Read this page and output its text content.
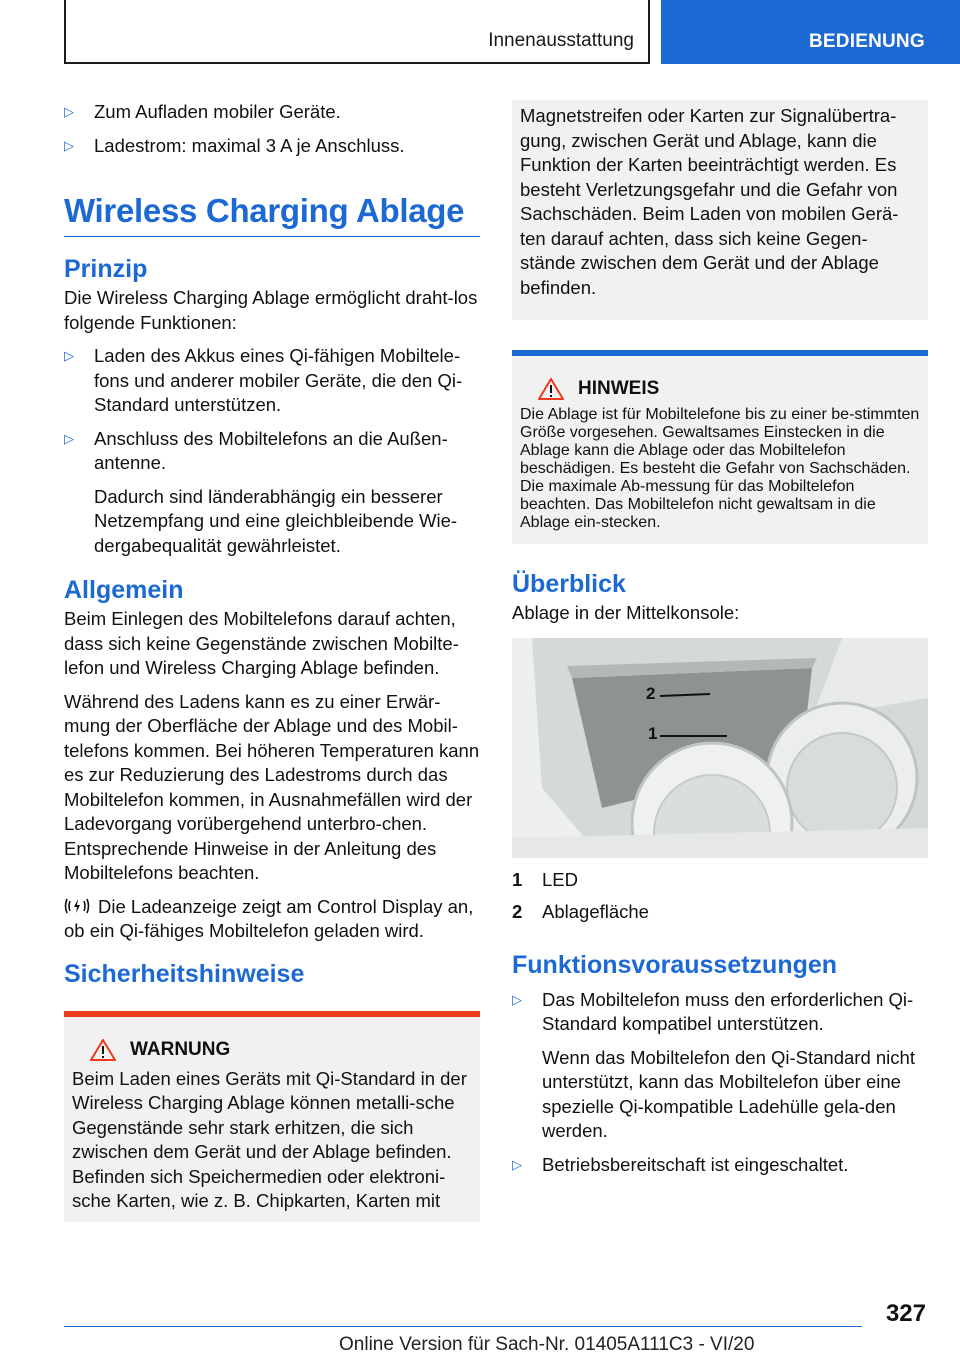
Innenausstattung	BEDIENUNG
▷ Zum Aufladen mobiler Geräte.
▷ Ladestrom: maximal 3 A je Anschluss.
Wireless Charging Ablage
Prinzip

Die Wireless Charging Ablage ermöglicht draht-los folgende Funktionen:

▷ Laden des Akkus eines Qi-fähigen Mobiltele-fons und anderer mobiler Geräte, die den Qi-Standard unterstützen.
▷ Anschluss des Mobiltelefons an die Außen-antenne.

Dadurch sind länderabhängig ein besserer Netzempfang und eine gleichbleibende Wie-dergabequalität gewährleistet.

Allgemein

Beim Einlegen des Mobiltelefons darauf achten, dass sich keine Gegenstände zwischen Mobilte-lefon und Wireless Charging Ablage befinden.

Während des Ladens kann es zu einer Erwär-mung der Oberfläche der Ablage und des Mobil-telefons kommen. Bei höheren Temperaturen kann es zur Reduzierung des Ladestroms durch das Mobiltelefon kommen, in Ausnahmefällen wird der Ladevorgang vorübergehend unterbro-chen. Entsprechende Hinweise in der Anleitung des Mobiltelefons beachten.

Die Ladeanzeige zeigt am Control Display an, ob ein Qi-fähiges Mobiltelefon geladen wird.

Sicherheitshinweise
WARNUNG

Beim Laden eines Geräts mit Qi-Standard in der Wireless Charging Ablage können metalli-sche Gegenstände sehr stark erhitzen, die sich zwischen dem Gerät und der Ablage befinden. Befinden sich Speichermedien oder elektroni-sche Karten, wie z. B. Chipkarten, Karten mit

Magnetstreifen oder Karten zur Signalübertra-gung, zwischen Gerät und Ablage, kann die Funktion der Karten beeinträchtigt werden. Es besteht Verletzungsgefahr und die Gefahr von Sachschäden. Beim Laden von mobilen Gerä-ten darauf achten, dass sich keine Gegen-stände zwischen dem Gerät und der Ablage befinden.

HINWEIS

Die Ablage ist für Mobiltelefone bis zu einer be-stimmten Größe vorgesehen. Gewaltsames Einstecken in die Ablage kann die Ablage oder das Mobiltelefon beschädigen. Es besteht die Gefahr von Sachschäden. Die maximale Ab-messung für das Mobiltelefon beachten. Das Mobiltelefon nicht gewaltsam in die Ablage ein-stecken.

Überblick

Ablage in der Mittelkonsole:

2
1
1	LED
2	Ablagefläche
Funktionsvoraussetzungen
▷ Das Mobiltelefon muss den erforderlichen Qi-Standard kompatibel unterstützen.

Wenn das Mobiltelefon den Qi-Standard nicht unterstützt, kann das Mobiltelefon über eine spezielle Qi-kompatible Ladehülle gela-den werden.

▷ Betriebsbereitschaft ist eingeschaltet.
327
Online Version für Sach-Nr. 01405A111C3 - VI/20
